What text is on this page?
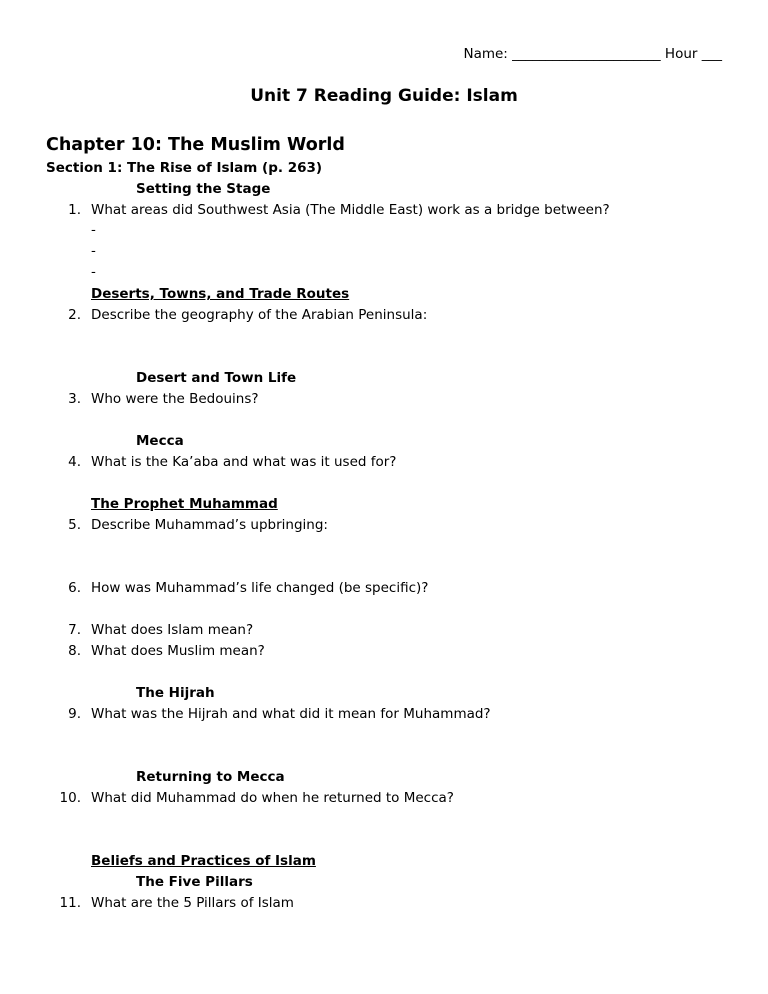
Name: ______________________ Hour ___
Unit 7 Reading Guide: Islam
Chapter 10: The Muslim World
Section 1: The Rise of Islam (p. 263)
Setting the Stage
1. What areas did Southwest Asia (The Middle East) work as a bridge between?
-
-
-
Deserts, Towns, and Trade Routes
2. Describe the geography of the Arabian Peninsula:
Desert and Town Life
3. Who were the Bedouins?
Mecca
4. What is the Ka’aba and what was it used for?
The Prophet Muhammad
5. Describe Muhammad’s upbringing:
6. How was Muhammad’s life changed (be specific)?
7. What does Islam mean?
8. What does Muslim mean?
The Hijrah
9. What was the Hijrah and what did it mean for Muhammad?
Returning to Mecca
10. What did Muhammad do when he returned to Mecca?
Beliefs and Practices of Islam
The Five Pillars
11. What are the 5 Pillars of Islam
